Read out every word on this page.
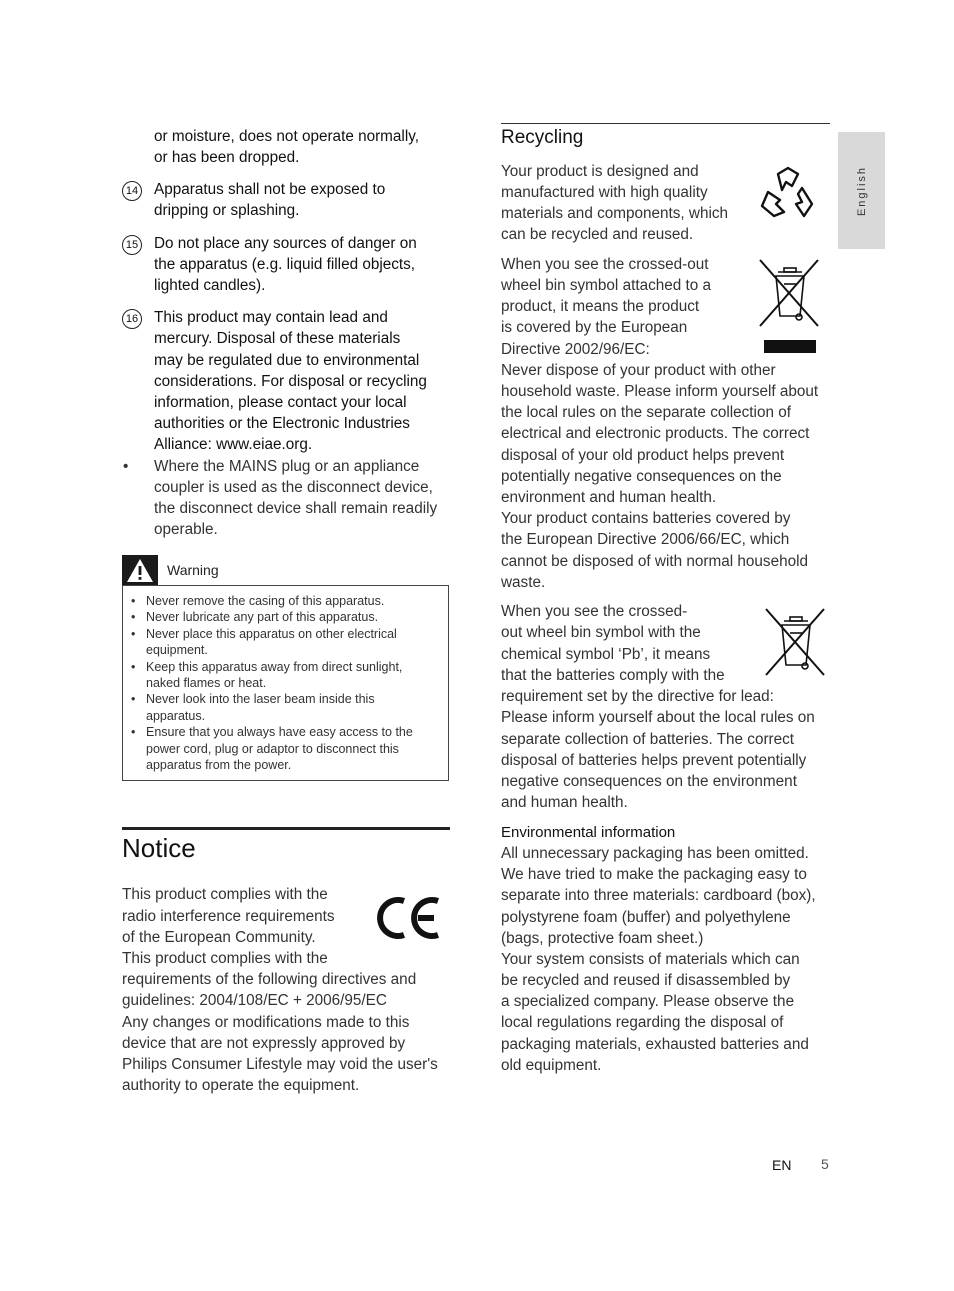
English
or moisture, does not operate normally,
or has been dropped.
14 Apparatus shall not be exposed to
dripping or splashing.
15 Do not place any sources of danger on
the apparatus (e.g. liquid filled objects,
lighted candles).
16 This product may contain lead and
mercury. Disposal of these materials
may be regulated due to environmental
considerations. For disposal or recycling
information, please contact your local
authorities or the Electronic Industries
Alliance: www.eiae.org.
• Where the MAINS plug or an appliance
coupler is used as the disconnect device,
the disconnect device shall remain readily
operable.
Warning
• Never remove the casing of this apparatus.
• Never lubricate any part of this apparatus.
• Never place this apparatus on other electrical
equipment.
• Keep this apparatus away from direct sunlight,
naked flames or heat.
• Never look into the laser beam inside this
apparatus.
• Ensure that you always have easy access to the
power cord, plug or adaptor to disconnect this
apparatus from the power.
Notice
This product complies with the
radio interference requirements
of the European Community.
This product complies with the
requirements of the following directives and
guidelines: 2004/108/EC + 2006/95/EC
Any changes or modifications made to this
device that are not expressly approved by
Philips Consumer Lifestyle may void the user's
authority to operate the equipment.
CE
Recycling
Your product is designed and
manufactured with high quality
materials and components, which
can be recycled and reused.
When you see the crossed-out
wheel bin symbol attached to a
product, it means the product
is covered by the European
Directive 2002/96/EC:
Never dispose of your product with other
household waste. Please inform yourself about
the local rules on the separate collection of
electrical and electronic products. The correct
disposal of your old product helps prevent
potentially negative consequences on the
environment and human health.
Your product contains batteries covered by
the European Directive 2006/66/EC, which
cannot be disposed of with normal household
waste.
When you see the crossed-
out wheel bin symbol with the
chemical symbol ‘Pb’, it means
that the batteries comply with the
requirement set by the directive for lead:
Please inform yourself about the local rules on
separate collection of batteries. The correct
disposal of batteries helps prevent potentially
negative consequences on the environment
and human health.
Environmental information
All unnecessary packaging has been omitted.
We have tried to make the packaging easy to
separate into three materials: cardboard (box),
polystyrene foam (buffer) and polyethylene
(bags, protective foam sheet.)
Your system consists of materials which can
be recycled and reused if disassembled by
a specialized company. Please observe the
local regulations regarding the disposal of
packaging materials, exhausted batteries and
old equipment.
EN 5
